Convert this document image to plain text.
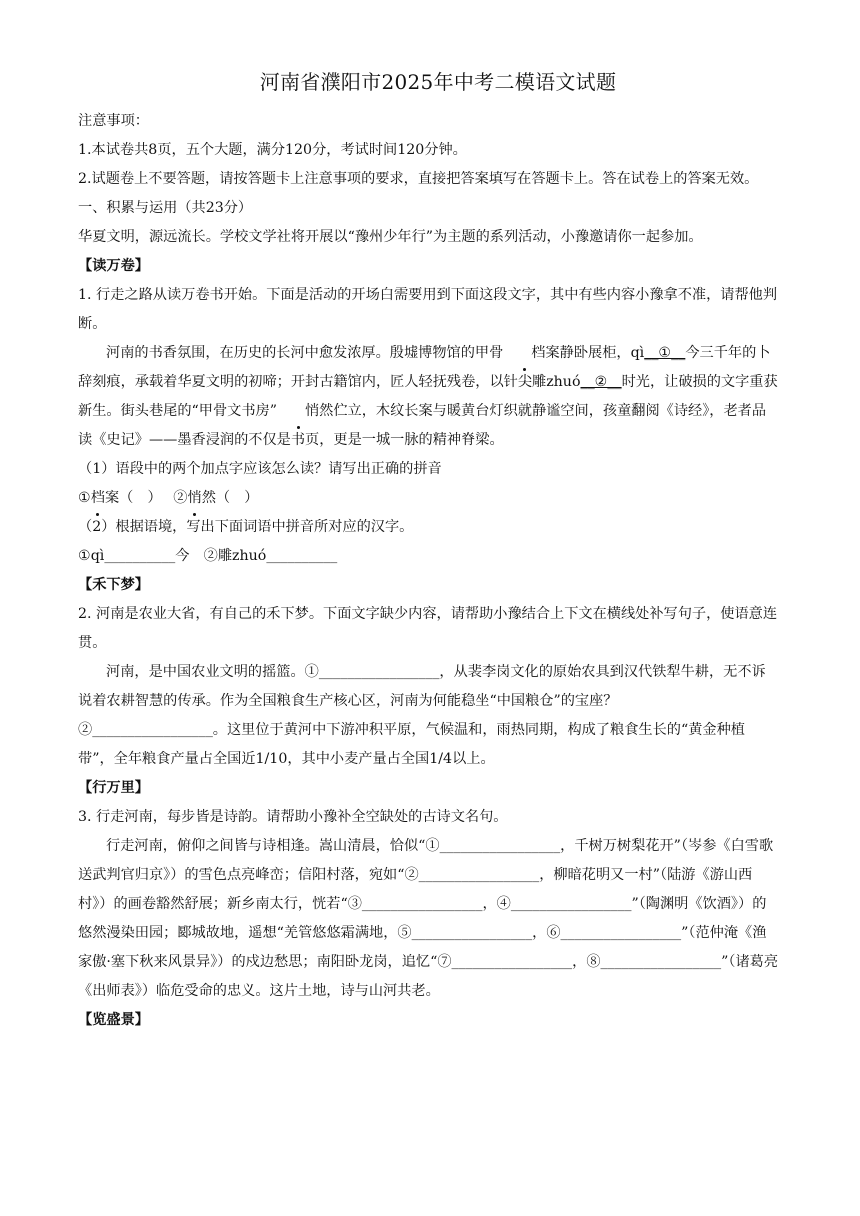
河南省濮阳市2025年中考二模语文试题

注意事项：

1.本试卷共8页，五个大题，满分120分，考试时间120分钟。

2.试题卷上不要答题，请按答题卡上注意事项的要求，直接把答案填写在答题卡上。答在试卷上的答案无效。

一、积累与运用（共23分）

华夏文明，源远流长。学校文学社将开展以“豫州少年行”为主题的系列活动，小豫邀请你一起参加。

【读万卷】

1. 行走之路从读万卷书开始。下面是活动的开场白需要用到下面这段文字，其中有些内容小豫拿不准，请帮他判断。

河南的书香氛围，在历史的长河中愈发浓厚。殷墟博物馆的甲骨 档案静卧展柜，qì__①__今三千年的卜辞刻痕，承载着华夏文明的初啼；开封古籍馆内，匠人轻抚残卷，以针尖雕zhuó__②__时光，让破损的文字重获新生。街头巷尾的“甲骨文书房” 悄然伫立，木纹长案与暖黄台灯织就静谧空间，孩童翻阅《诗经》，老者品读《史记》——墨香浸润的不仅是书页，更是一城一脉的精神脊梁。

（1）语段中的两个加点字应该怎么读？请写出正确的拼音

①档案（　）　 ②悄然（　）

（2）根据语境，写出下面词语中拼音所对应的汉字。

①qì__________今　②雕zhuó__________

【禾下梦】

2. 河南是农业大省，有自己的禾下梦。下面文字缺少内容，请帮助小豫结合上下文在横线处补写句子，使语意连贯。

河南，是中国农业文明的摇篮。①_________________，从裴李岗文化的原始农具到汉代铁犁牛耕，无不诉说着农耕智慧的传承。作为全国粮食生产核心区，河南为何能稳坐“中国粮仓”的宝座？

②_________________。这里位于黄河中下游冲积平原，气候温和，雨热同期，构成了粮食生长的“黄金种植带”，全年粮食产量占全国近1/10，其中小麦产量占全国1/4以上。

【行万里】

3. 行走河南，每步皆是诗韵。请帮助小豫补全空缺处的古诗文名句。

行走河南，俯仰之间皆与诗相逢。嵩山清晨，恰似“①_________________，千树万树梨花开”（岑参《白雪歌送武判官归京》）的雪色点亮峰峦；信阳村落，宛如“②_________________，柳暗花明又一村”（陆游《游山西村》）的画卷豁然舒展；新乡南太行，恍若“③_________________，④_________________”（陶渊明《饮酒》）的悠然漫染田园；郾城故地，遥想“羌管悠悠霜满地，⑤_________________，⑥_________________”（范仲淹《渔家傲·塞下秋来风景异》）的戍边愁思；南阳卧龙岗，追忆“⑦_________________，⑧_________________”（诸葛亮《出师表》）临危受命的忠义。这片土地，诗与山河共老。

【览盛景】
